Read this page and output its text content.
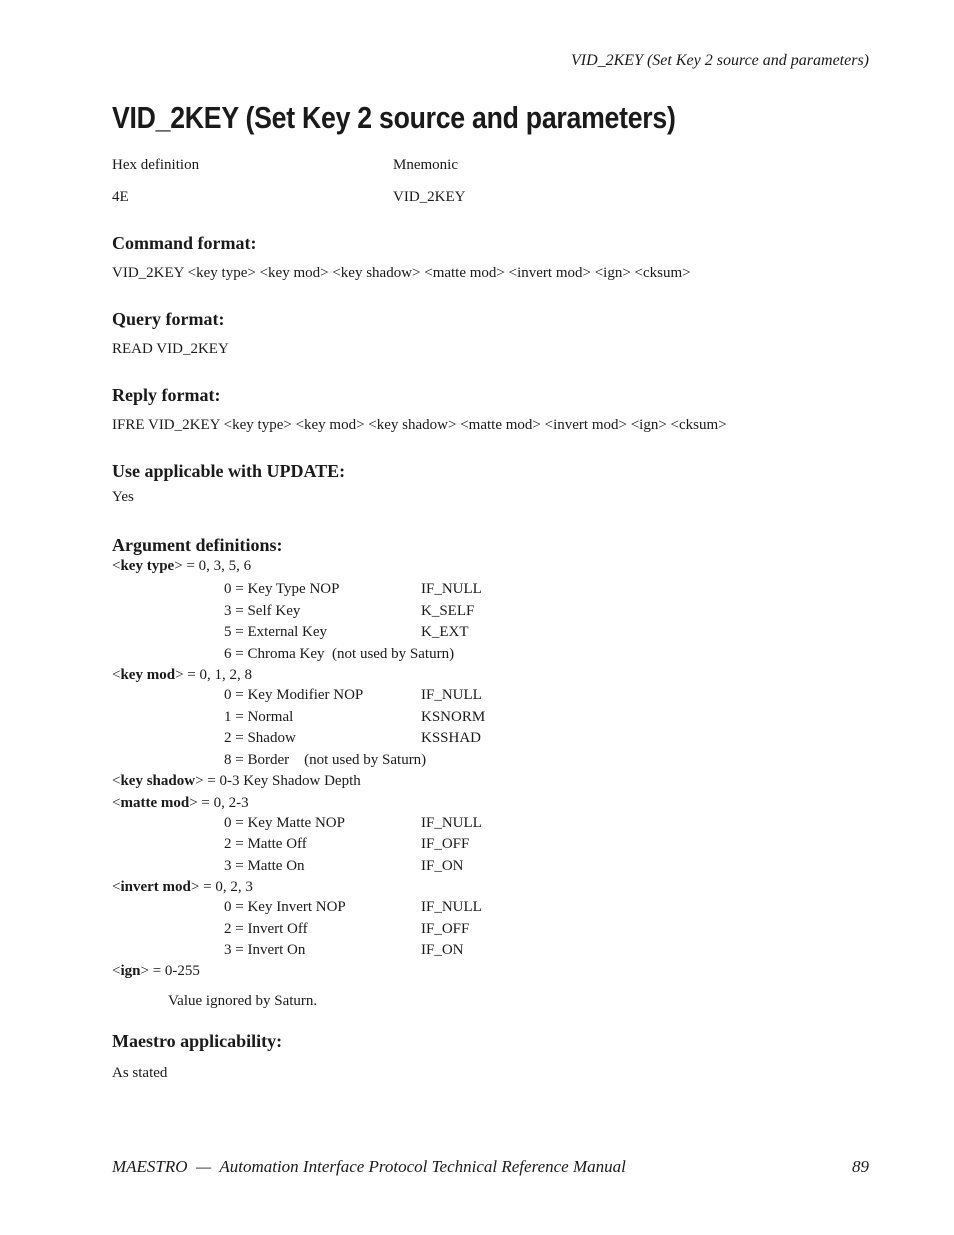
VID_2KEY (Set Key 2 source and parameters)
VID_2KEY (Set Key 2 source and parameters)
Hex definition	Mnemonic
4E	VID_2KEY
Command format:
VID_2KEY <key type> <key mod> <key shadow> <matte mod> <invert mod> <ign> <cksum>
Query format:
READ VID_2KEY
Reply format:
IFRE VID_2KEY <key type> <key mod> <key shadow> <matte mod> <invert mod> <ign> <cksum>
Use applicable with UPDATE:
Yes
Argument definitions:
<key type> = 0, 3, 5, 6
0 = Key Type NOP	IF_NULL
3 = Self Key	K_SELF
5 = External Key	K_EXT
6 = Chroma Key  (not used by Saturn)
<key mod> = 0, 1, 2, 8
0 = Key Modifier NOP	IF_NULL
1 = Normal	KSNORM
2 = Shadow	KSSHAD
8 = Border    (not used by Saturn)
<key shadow> = 0-3 Key Shadow Depth
<matte mod> = 0, 2-3
0 = Key Matte NOP	IF_NULL
2 = Matte Off	IF_OFF
3 = Matte On	IF_ON
<invert mod> = 0, 2, 3
0 = Key Invert NOP	IF_NULL
2 = Invert Off	IF_OFF
3 = Invert On	IF_ON
<ign> = 0-255
Value ignored by Saturn.
Maestro applicability:
As stated
MAESTRO  —  Automation Interface Protocol Technical Reference Manual	89
